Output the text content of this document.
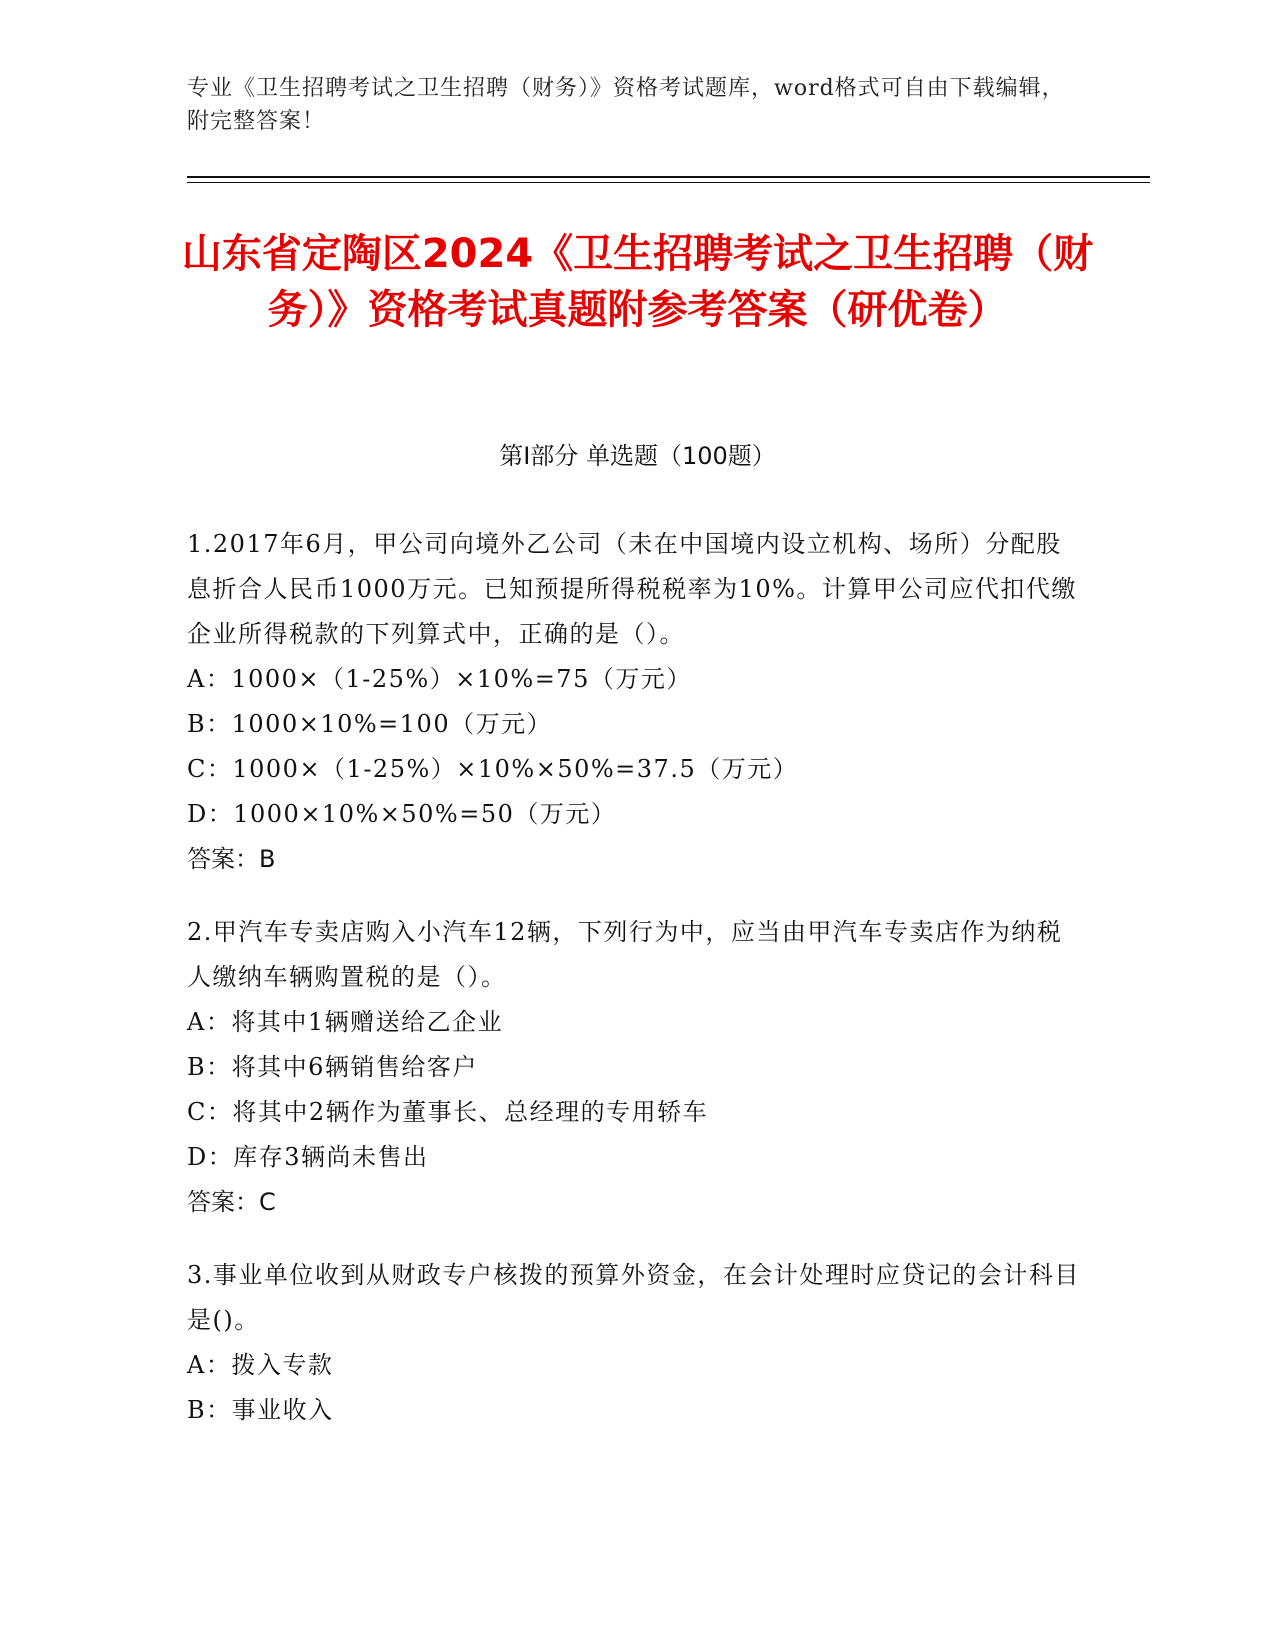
专业《卫生招聘考试之卫生招聘（财务）》资格考试题库，word格式可自由下载编辑，附完整答案！
山东省定陶区2024《卫生招聘考试之卫生招聘（财务）》资格考试真题附参考答案（研优卷）
第I部分 单选题（100题）
1.2017年6月，甲公司向境外乙公司（未在中国境内设立机构、场所）分配股息折合人民币1000万元。已知预提所得税税率为10%。计算甲公司应代扣代缴企业所得税款的下列算式中，正确的是（）。
A：1000×（1-25%）×10%=75（万元）
B：1000×10%=100（万元）
C：1000×（1-25%）×10%×50%=37.5（万元）
D：1000×10%×50%=50（万元）
答案：B
2.甲汽车专卖店购入小汽车12辆，下列行为中，应当由甲汽车专卖店作为纳税人缴纳车辆购置税的是（）。
A：将其中1辆赠送给乙企业
B：将其中6辆销售给客户
C：将其中2辆作为董事长、总经理的专用轿车
D：库存3辆尚未售出
答案：C
3.事业单位收到从财政专户核拨的预算外资金，在会计处理时应贷记的会计科目是()。
A：拨入专款
B：事业收入
